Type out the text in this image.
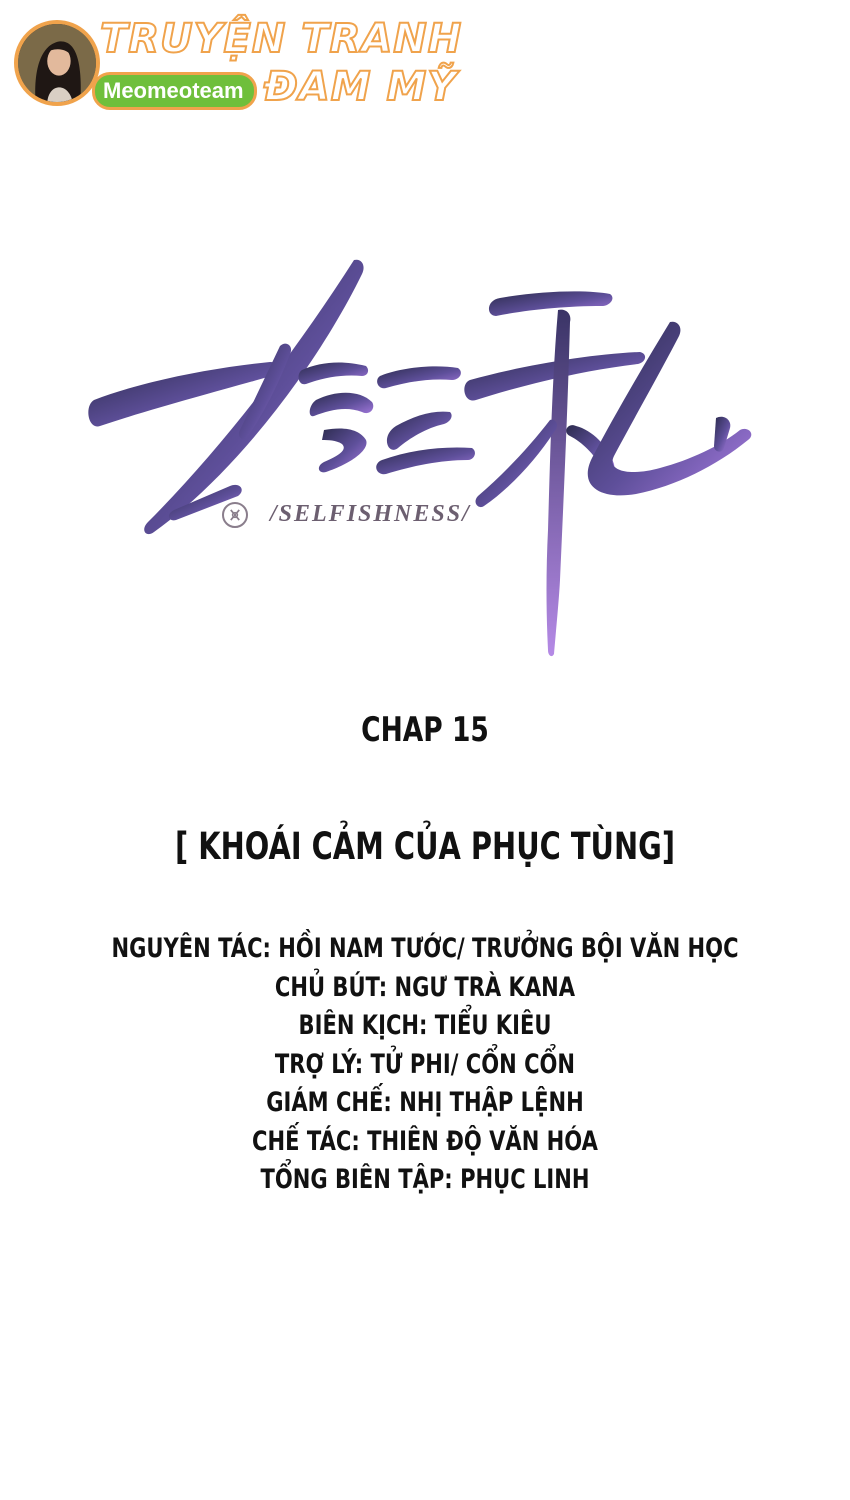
TRUYỆN TRANH
Meomeoteam ĐAM MỸ
/SELFISHNESS/
CHAP 15
[ KHOÁI CẢM CỦA PHỤC TÙNG]
NGUYÊN TÁC: HỒI NAM TƯỚC/ TRƯỞNG BỘI VĂN HỌC
CHỦ BÚT: NGƯ TRÀ KANA
BIÊN KỊCH: TIỂU KIÊU
TRỢ LÝ: TỬ PHI/ CỔN CỔN
GIÁM CHẾ: NHỊ THẬP LỆNH
CHẾ TÁC: THIÊN ĐỘ VĂN HÓA
TỔNG BIÊN TẬP: PHỤC LINH
